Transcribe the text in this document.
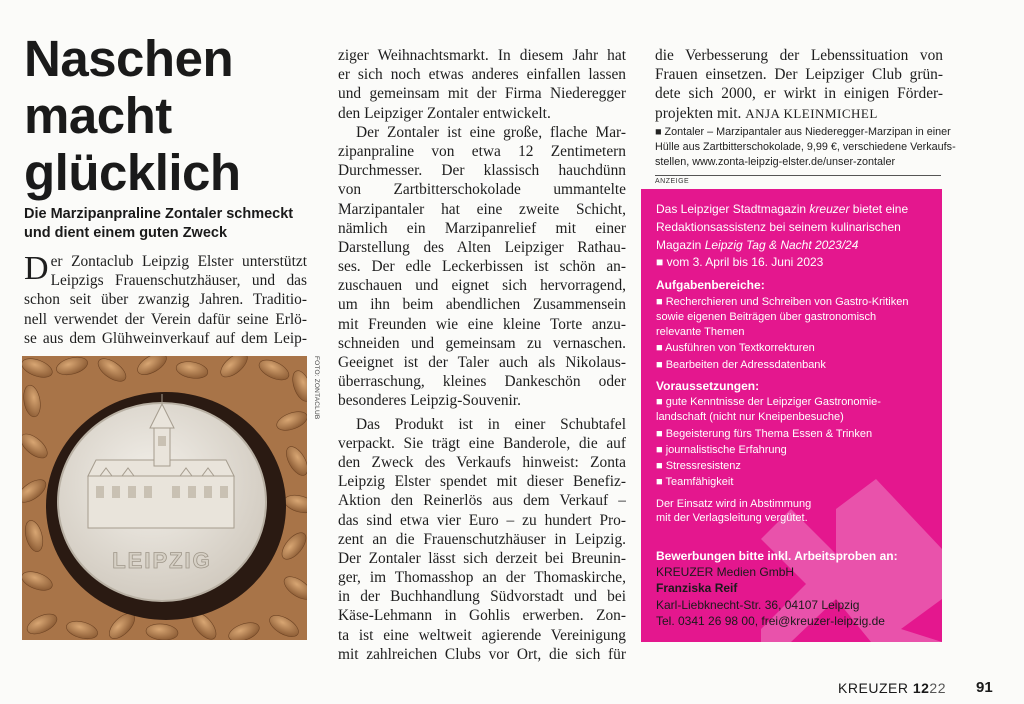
Naschen
macht
glücklich
Die Marzipanpraline Zontaler schmeckt
und dient einem guten Zweck
D er Zontaclub Leipzig Elster unterstützt
Leipzigs Frauenschutzhäuser, und das
schon seit über zwanzig Jahren. Traditio-
nell verwendet der Verein dafür seine Erlö-
se aus dem Glühweinverkauf auf dem Leip-
LEIPZIG
FOTO: ZONTACLUB
ziger Weihnachtsmarkt. In diesem Jahr hat
er sich noch etwas anderes einfallen lassen
und gemeinsam mit der Firma Niederegger
den Leipziger Zontaler entwickelt.
Der Zontaler ist eine große, flache Mar-
zipanpraline von etwa 12 Zentimetern
Durchmesser. Der klassisch hauchdünn
von Zartbitterschokolade ummantelte
Marzipantaler hat eine zweite Schicht,
nämlich ein Marzipanrelief mit einer
Darstellung des Alten Leipziger Rathau-
ses. Der edle Leckerbissen ist schön an-
zuschauen und eignet sich hervorragend,
um ihn beim abendlichen Zusammensein
mit Freunden wie eine kleine Torte anzu-
schneiden und gemeinsam zu vernaschen.
Geeignet ist der Taler auch als Nikolaus-
überraschung, kleines Dankeschön oder
besonderes Leipzig-Souvenir.
Das Produkt ist in einer Schubtafel
verpackt. Sie trägt eine Banderole, die auf
den Zweck des Verkaufs hinweist: Zonta
Leipzig Elster spendet mit dieser Benefiz-
Aktion den Reinerlös aus dem Verkauf –
das sind etwa vier Euro – zu hundert Pro-
zent an die Frauenschutzhäuser in Leipzig.
Der Zontaler lässt sich derzeit bei Breunin-
ger, im Thomasshop an der Thomaskirche,
in der Buchhandlung Südvorstadt und bei
Käse-Lehmann in Gohlis erwerben. Zon-
ta ist eine weltweit agierende Vereinigung
mit zahlreichen Clubs vor Ort, die sich für
die Verbesserung der Lebenssituation von
Frauen einsetzen. Der Leipziger Club grün-
dete sich 2000, er wirkt in einigen Förder-
projekten mit. ANJA KLEINMICHEL
■ Zontaler – Marzipantaler aus Niederegger-Marzipan in einer
Hülle aus Zartbitterschokolade, 9,99 €, verschiedene Verkaufs-
stellen, www.zonta-leipzig-elster.de/unser-zontaler
ANZEIGE
Das Leipziger Stadtmagazin kreuzer bietet eine
Redaktionsassistenz bei seinem kulinarischen
Magazin Leipzig Tag & Nacht 2023/24
■ vom 3. April bis 16. Juni 2023
Aufgabenbereiche:
■ Recherchieren und Schreiben von Gastro-Kritiken
sowie eigenen Beiträgen über gastronomisch
relevante Themen
■ Ausführen von Textkorrekturen
■ Bearbeiten der Adressdatenbank
Voraussetzungen:
■ gute Kenntnisse der Leipziger Gastronomie-
landschaft (nicht nur Kneipenbesuche)
■ Begeisterung fürs Thema Essen & Trinken
■ journalistische Erfahrung
■ Stressresistenz
■ Teamfähigkeit
Der Einsatz wird in Abstimmung
mit der Verlagsleitung vergütet.
Bewerbungen bitte inkl. Arbeitsproben an:
KREUZER Medien GmbH
Franziska Reif
Karl-Liebknecht-Str. 36, 04107 Leipzig
Tel. 0341 26 98 00, frei@kreuzer-leipzig.de
KREUZER 1222 91
